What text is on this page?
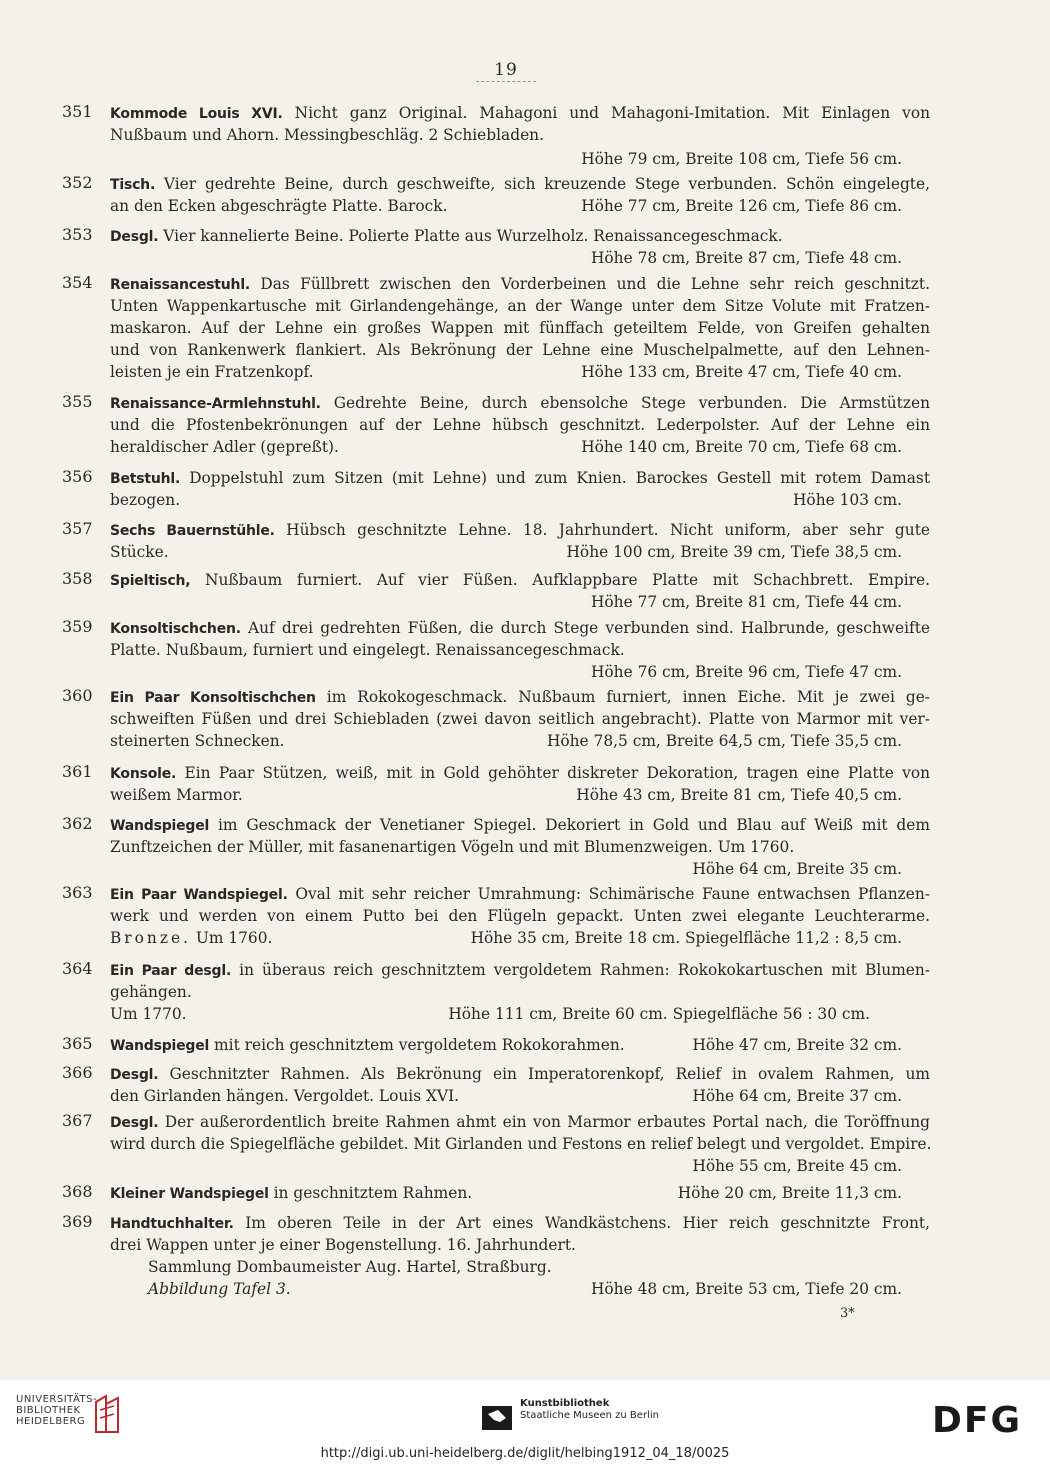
19
351 Kommode Louis XVI. Nicht ganz Original. Mahagoni und Mahagoni-Imitation. Mit Einlagen von
Nußbaum und Ahorn. Messingbeschläg. 2 Schiebladen.
Höhe 79 cm, Breite 108 cm, Tiefe 56 cm.
352 Tisch. Vier gedrehte Beine, durch geschweifte, sich kreuzende Stege verbunden. Schön eingelegte,
an den Ecken abgeschrägte Platte. Barock.	Höhe 77 cm, Breite 126 cm, Tiefe 86 cm.
353 Desgl. Vier kannelierte Beine. Polierte Platte aus Wurzelholz. Renaissancegeschmack.
Höhe 78 cm, Breite 87 cm, Tiefe 48 cm.
354 Renaissancestuhl. Das Füllbrett zwischen den Vorderbeinen und die Lehne sehr reich geschnitzt.
Unten Wappenkartusche mit Girlandengehänge, an der Wange unter dem Sitze Volute mit Fratzen-
maskaron. Auf der Lehne ein großes Wappen mit fünffach geteiltem Felde, von Greifen gehalten
und von Rankenwerk flankiert. Als Bekrönung der Lehne eine Muschelpalmette, auf den Lehnen-
leisten je ein Fratzenkopf.	Höhe 133 cm, Breite 47 cm, Tiefe 40 cm.
355 Renaissance-Armlehnstuhl. Gedrehte Beine, durch ebensolche Stege verbunden. Die Armstützen
und die Pfostenbekrönungen auf der Lehne hübsch geschnitzt. Lederpolster. Auf der Lehne ein
heraldischer Adler (gepreßt).	Höhe 140 cm, Breite 70 cm, Tiefe 68 cm.
356 Betstuhl. Doppelstuhl zum Sitzen (mit Lehne) und zum Knien. Barockes Gestell mit rotem Damast
bezogen.	Höhe 103 cm.
357 Sechs Bauernstühle. Hübsch geschnitzte Lehne. 18. Jahrhundert. Nicht uniform, aber sehr gute
Stücke.	Höhe 100 cm, Breite 39 cm, Tiefe 38,5 cm.
358 Spieltisch, Nußbaum furniert. Auf vier Füßen. Aufklappbare Platte mit Schachbrett. Empire.
Höhe 77 cm, Breite 81 cm, Tiefe 44 cm.
359 Konsoltischchen. Auf drei gedrehten Füßen, die durch Stege verbunden sind. Halbrunde, geschweifte
Platte. Nußbaum, furniert und eingelegt. Renaissancegeschmack.
Höhe 76 cm, Breite 96 cm, Tiefe 47 cm.
360 Ein Paar Konsoltischchen im Rokokogeschmack. Nußbaum furniert, innen Eiche. Mit je zwei ge-
schweiften Füßen und drei Schiebladen (zwei davon seitlich angebracht). Platte von Marmor mit ver-
steinerten Schnecken.	Höhe 78,5 cm, Breite 64,5 cm, Tiefe 35,5 cm.
361 Konsole. Ein Paar Stützen, weiß, mit in Gold gehöhter diskreter Dekoration, tragen eine Platte von
weißem Marmor.	Höhe 43 cm, Breite 81 cm, Tiefe 40,5 cm.
362 Wandspiegel im Geschmack der Venetianer Spiegel. Dekoriert in Gold und Blau auf Weiß mit dem
Zunftzeichen der Müller, mit fasanenartigen Vögeln und mit Blumenzweigen. Um 1760.
Höhe 64 cm, Breite 35 cm.
363 Ein Paar Wandspiegel. Oval mit sehr reicher Umrahmung: Schimärische Faune entwachsen Pflanzen-
werk und werden von einem Putto bei den Flügeln gepackt. Unten zwei elegante Leuchterarme.
Bronze. Um 1760.	Höhe 35 cm, Breite 18 cm. Spiegelfläche 11,2 : 8,5 cm.
364 Ein Paar desgl. in überaus reich geschnitztem vergoldetem Rahmen: Rokokokartuschen mit Blumen-
gehängen.
Um 1770.	Höhe 111 cm, Breite 60 cm. Spiegelfläche 56 : 30 cm.
365 Wandspiegel mit reich geschnitztem vergoldetem Rokokorahmen.	Höhe 47 cm, Breite 32 cm.
366 Desgl. Geschnitzter Rahmen. Als Bekrönung ein Imperatorenkopf, Relief in ovalem Rahmen, um
den Girlanden hängen. Vergoldet. Louis XVI.	Höhe 64 cm, Breite 37 cm.
367 Desgl. Der außerordentlich breite Rahmen ahmt ein von Marmor erbautes Portal nach, die Toröffnung
wird durch die Spiegelfläche gebildet. Mit Girlanden und Festons en relief belegt und vergoldet. Empire.
Höhe 55 cm, Breite 45 cm.
368 Kleiner Wandspiegel in geschnitztem Rahmen.	Höhe 20 cm, Breite 11,3 cm.
369 Handtuchhalter. Im oberen Teile in der Art eines Wandkästchens. Hier reich geschnitzte Front,
drei Wappen unter je einer Bogenstellung. 16. Jahrhundert.
Sammlung Dombaumeister Aug. Hartel, Straßburg.
Abbildung Tafel 3.	Höhe 48 cm, Breite 53 cm, Tiefe 20 cm.
3*
UNIVERSITÄTS-
BIBLIOTHEK
HEIDELBERG
Kunstbibliothek
Staatliche Museen zu Berlin	DFG
http://digi.ub.uni-heidelberg.de/diglit/helbing1912_04_18/0025
